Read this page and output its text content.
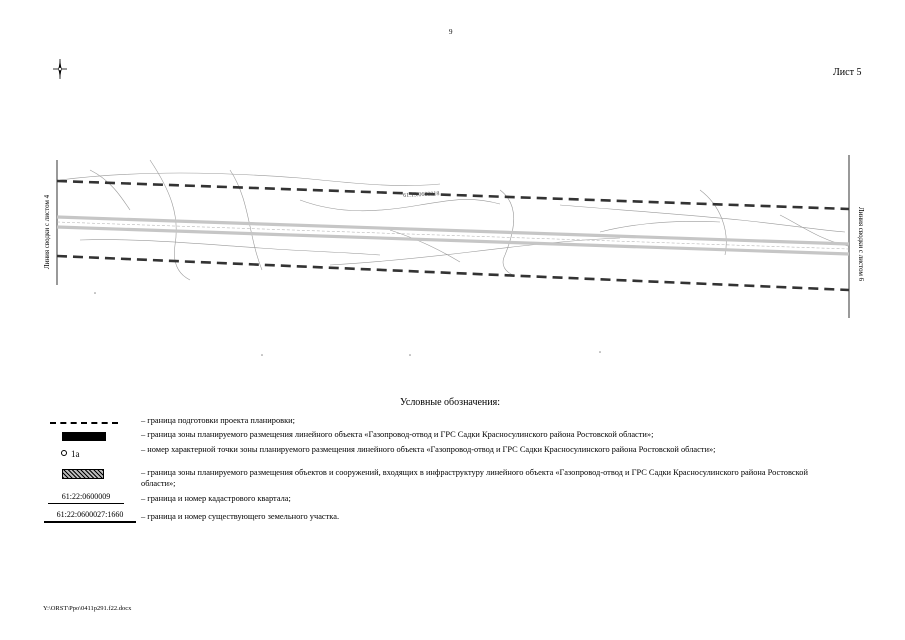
9
Лист 5
Линия сводки с листом 4	Линия сводки с листом 6
61:15:0600018
Условные обозначения:
– граница подготовки проекта планировки;
– граница зоны планируемого размещения линейного объекта «Газопровод-отвод и ГРС Садки Красносулинского района Ростовской области»;
1а	– номер характерной точки зоны планируемого размещения линейного объекта «Газопровод-отвод и ГРС Садки Красносулинского района Ростовской области»;
– граница зоны планируемого размещения объектов и сооружений, входящих в инфраструктуру линейного объекта «Газопровод-отвод и ГРС Садки Красносулинского района Ростовской области»;
61:22:0600009	– граница и номер кадастрового квартала;
61:22:0600027:1660	– граница и номер существующего земельного участка.
Y:\ORST\Ppo\0411p291.f22.docx
